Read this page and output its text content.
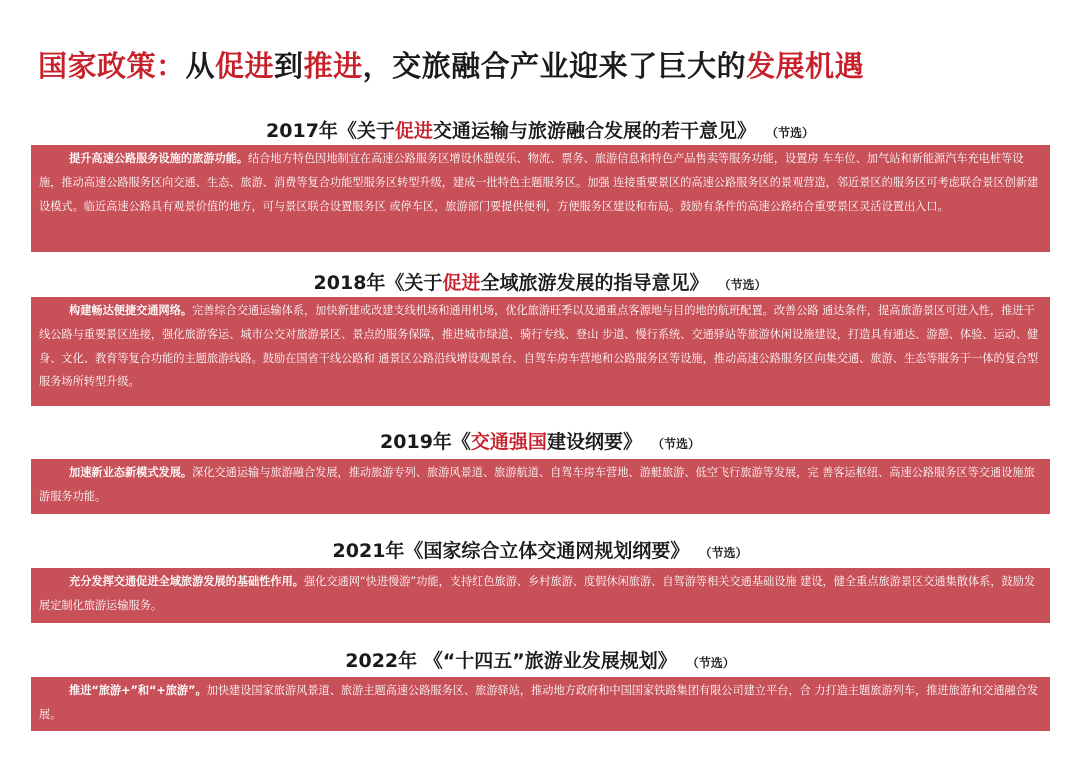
国家政策：从促进到推进，交旅融合产业迎来了巨大的发展机遇
2017年《关于促进交通运输与旅游融合发展的若干意见》 （节选）
提升高速公路服务设施的旅游功能。结合地方特色因地制宜在高速公路服务区增设休憩娱乐、物流、票务、旅游信息和特色产品售卖等服务功能，设置房 车车位、加气站和新能源汽车充电桩等设施，推动高速公路服务区向交通、生态、旅游、消费等复合功能型服务区转型升级，建成一批特色主题服务区。加强 连接重要景区的高速公路服务区的景观营造，邻近景区的服务区可考虑联合景区创新建设模式。临近高速公路具有观景价值的地方，可与景区联合设置服务区 或停车区，旅游部门要提供便利，方便服务区建设和布局。鼓励有条件的高速公路结合重要景区灵活设置出入口。
2018年《关于促进全域旅游发展的指导意见》 （节选）
构建畅达便捷交通网络。完善综合交通运输体系，加快新建或改建支线机场和通用机场，优化旅游旺季以及通重点客源地与目的地的航班配置。改善公路 通达条件，提高旅游景区可进入性，推进干线公路与重要景区连接，强化旅游客运、城市公交对旅游景区、景点的服务保障，推进城市绿道、骑行专线、登山 步道、慢行系统、交通驿站等旅游休闲设施建设，打造具有通达、游憩、体验、运动、健身、文化、教育等复合功能的主题旅游线路。鼓励在国省干线公路和 通景区公路沿线增设观景台、自驾车房车营地和公路服务区等设施，推动高速公路服务区向集交通、旅游、生态等服务于一体的复合型服务场所转型升级。
2019年《交通强国建设纲要》 （节选）
加速新业态新模式发展。深化交通运输与旅游融合发展，推动旅游专列、旅游风景道、旅游航道、自驾车房车营地、游艇旅游、低空飞行旅游等发展，完 善客运枢纽、高速公路服务区等交通设施旅游服务功能。
2021年《国家综合立体交通网规划纲要》 （节选）
充分发挥交通促进全域旅游发展的基础性作用。强化交通网“快进慢游”功能，支持红色旅游、乡村旅游、度假休闲旅游、自驾游等相关交通基础设施 建设，健全重点旅游景区交通集散体系，鼓励发展定制化旅游运输服务。
2022年 《“十四五”旅游业发展规划》 （节选）
推进“旅游+”和“+旅游”。加快建设国家旅游风景道、旅游主题高速公路服务区、旅游驿站，推动地方政府和中国国家铁路集团有限公司建立平台，合 力打造主题旅游列车，推进旅游和交通融合发展。
